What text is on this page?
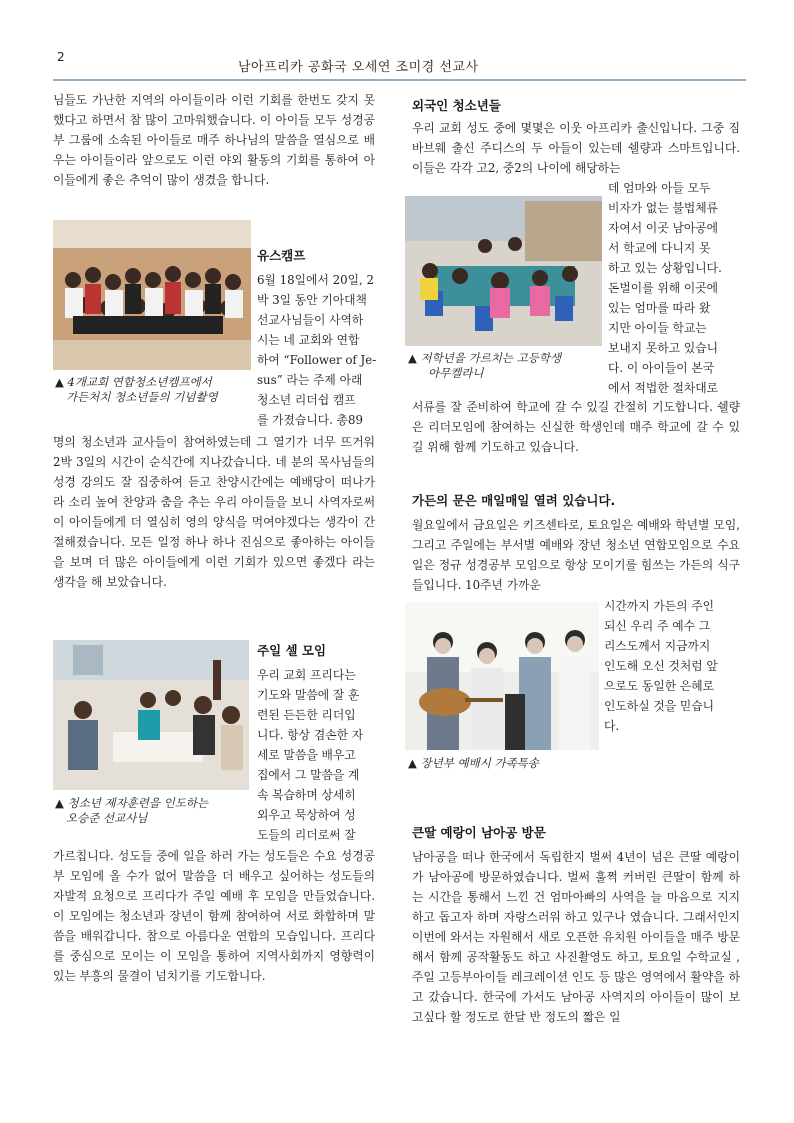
2
남아프리카 공화국 오세연 조미경 선교사
님들도 가난한 지역의 아이들이라 이런 기회를 한번도 갖지 못했다고 하면서 참 많이 고마워했습니다. 이 아이들 모두 성경공부 그룹에 소속된 아이들로 매주 하나님의 말씀을 열심으로 배우는 아이들이라 앞으로도 이런 야외 활동의 기회를 통하여 아이들에게 좋은 추억이 많이 생겼을 합니다.
유스캠프
6월 18일에서 20일, 2
박 3일 동안 기아대책
선교사님들이 사역하
시는 네 교회와 연합
하여 “Follower of Je-
sus” 라는 주제 아래
청소년 리더쉽 캠프
를 가졌습니다. 총89
▲ 4개교회 연합청소년캠프에서
가든처치 청소년들의 기념촬영
명의 청소년과 교사들이 참여하였는데 그 열기가 너무 뜨거워 2박 3일의 시간이 순식간에 지나갔습니다. 네 분의 목사님들의 성경 강의도 잘 집중하여 듣고 찬양시간에는 예배당이 떠나가라 소리 높여 찬양과 춤을 추는 우리 아이들을 보니 사역자로써 이 아이들에게 더 열심히 영의 양식을 먹여야겠다는 생각이 간절해졌습니다. 모든 일정 하나 하나 진심으로 좋아하는 아이들을 보며 더 많은 아이들에게 이런 기회가 있으면 좋겠다 라는 생각을 해 보았습니다.
주일 셀 모임
우리 교회 프리다는
기도와 말씀에 잘 훈
련된 든든한 리더입
니다. 항상 겸손한 자
세로 말씀을 배우고
집에서 그 말씀을 계
속 복습하며 상세히
외우고 묵상하여 성
도들의 리더로써 잘
▲ 청소년 제자훈련을 인도하는
오승준 선교사님
가르칩니다. 성도들 중에 일을 하러 가는 성도들은 수요 성경공부 모임에 올 수가 없어 말씀을 더 배우고 싶어하는 성도들의 자발적 요청으로 프리다가 주일 예배 후 모임을 만들었습니다. 이 모임에는 청소년과 장년이 함께 참여하여 서로 화합하며 말씀을 배워갑니다. 참으로 아름다운 연합의 모습입니다. 프리다를 중심으로 모이는 이 모임을 통하여 지역사회까지 영향력이 있는 부흥의 물결이 넘치기를 기도합니다.
외국인 청소년들
우리 교회 성도 중에 몇몇은 이웃 아프리카 출신입니다. 그중 짐바브웨 출신 주디스의 두 아들이 있는데 쉘량과 스마트입니다. 이들은 각각 고2, 중2의 나이에 해당하는
▲ 저학년을 가르치는 고등학생
아무켈라니
데 엄마와 아들 모두
비자가 없는 불법체류
자여서 이곳 남아공에
서 학교에 다니지 못
하고 있는 상황입니다.
돈벌이를 위해 이곳에
있는 엄마를 따라 왔
지만 아이들 학교는
보내지 못하고 있습니
다. 이 아이들이 본국
에서 적법한 절차대로
서류를 잘 준비하여 학교에 갈 수 있길 간절히 기도합니다. 쉘량은 리더모임에 참여하는 신실한 학생인데 매주 학교에 갈 수 있길 위해 함께 기도하고 있습니다.
가든의 문은 매일매일 열려 있습니다.
월요일에서 금요일은 키즈센타로, 토요일은 예배와 학년별 모임, 그리고 주일에는 부서별 예배와 장년 청소년 연합모임으로 수요일은 정규 성경공부 모임으로 항상 모이기를 힘쓰는 가든의 식구들입니다. 10주년 가까운
▲ 장년부 예배시 가족특송
시간까지 가든의 주인
되신 우리 주 예수 그
리스도께서 지금까지
인도해 오신 것처럼 앞
으로도 동일한 은혜로
인도하실 것을 믿습니
다.
큰딸 예랑이 남아공 방문
남아공을 떠나 한국에서 독립한지 벌써 4년이 넘은 큰딸 예랑이가 남아공에 방문하였습니다. 벌써 훌쩍 커버린 큰딸이 함께 하는 시간을 통해서 느낀 건 엄마아빠의 사역을 늘 마음으로 지지하고 돕고자 하며 자랑스러워 하고 있구나 였습니다. 그래서인지 이번에 와서는 자원해서 새로 오픈한 유치원 아이들을 매주 방문해서 함께 공작활동도 하고 사진촬영도 하고, 토요일 수학교실 , 주일 고등부아이들 레크레이션 인도 등 많은 영역에서 활약을 하고 갔습니다. 한국에 가서도 남아공 사역지의 아이들이 많이 보고싶다 할 정도로 한달 반 정도의 짧은 일
